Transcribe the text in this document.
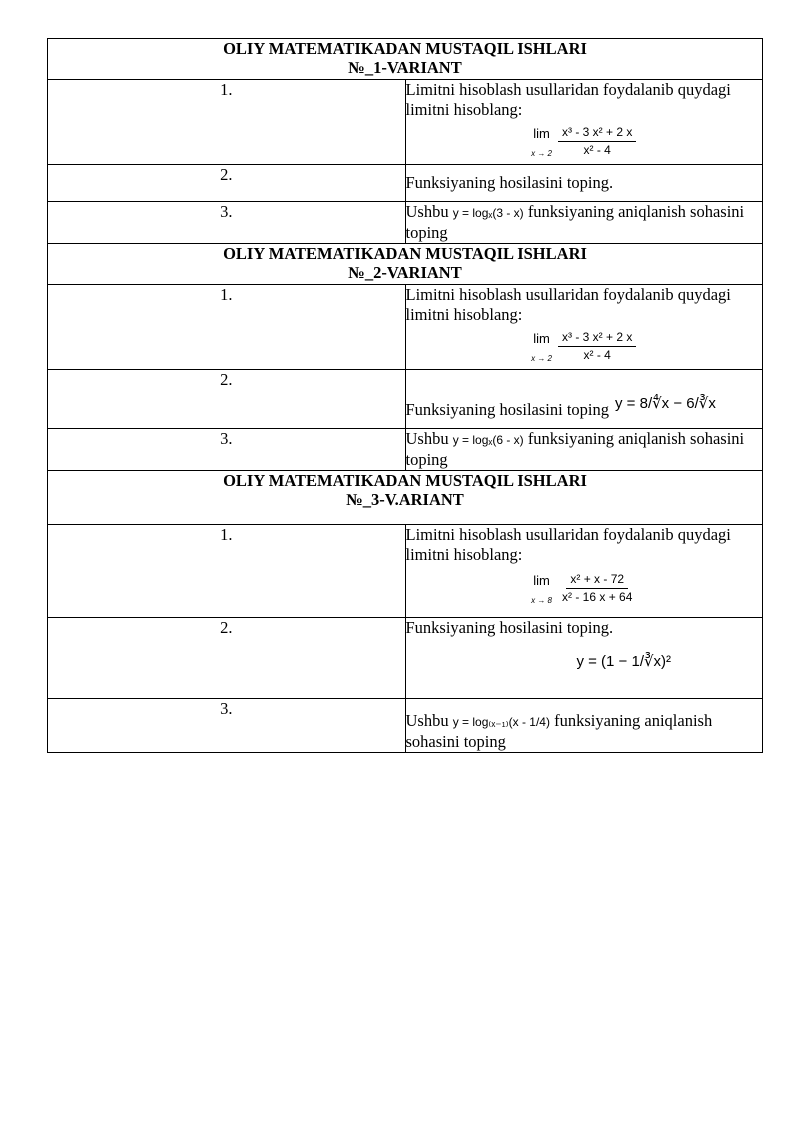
OLIY MATEMATIKADAN MUSTAQIL ISHLARI
№_1-VARIANT	

1.	Limitni hisoblash usullaridan foydalanib quydagi limitni hisoblang:
lim
$x \to 2 \frac{\text{x³ - 3 x² + 2 x}}{\text{x² - 4}}$

2.	Funksiyaning hosilasini toping.
3.	Ushbu y = logₓ(3 - x) funksiyaning aniqlanish sohasini toping

OLIY MATEMATIKADAN MUSTAQIL ISHLARI
№_2-VARIANT	

1.	Limitni hisoblash usullaridan foydalanib quydagi limitni hisoblang:
lim
$x \to 2 \frac{\text{x³ - 3 x² + 2 x}}{\text{x² - 4}}$

2.	Funksiyaning hosilasini toping y = 8/∜x − 6/∛x

3.	Ushbu y = logₓ(6 - x) funksiyaning aniqlanish sohasini toping

OLIY MATEMATIKADAN MUSTAQIL ISHLARI
№_3-V.ARIANT	

1.	Limitni hisoblash usullaridan foydalanib quydagi limitni hisoblang:
lim
$x \to 8 \frac{\text{x² + x - 72}}{\text{x² - 16 x + 64}}$

2.	Funksiyaning hosilasini toping.
y = (1 − 1/∛x)²

3.	Ushbu y = log₍ₓ₋₁₎(x - 1/4) funksiyaning aniqlanish sohasini toping
